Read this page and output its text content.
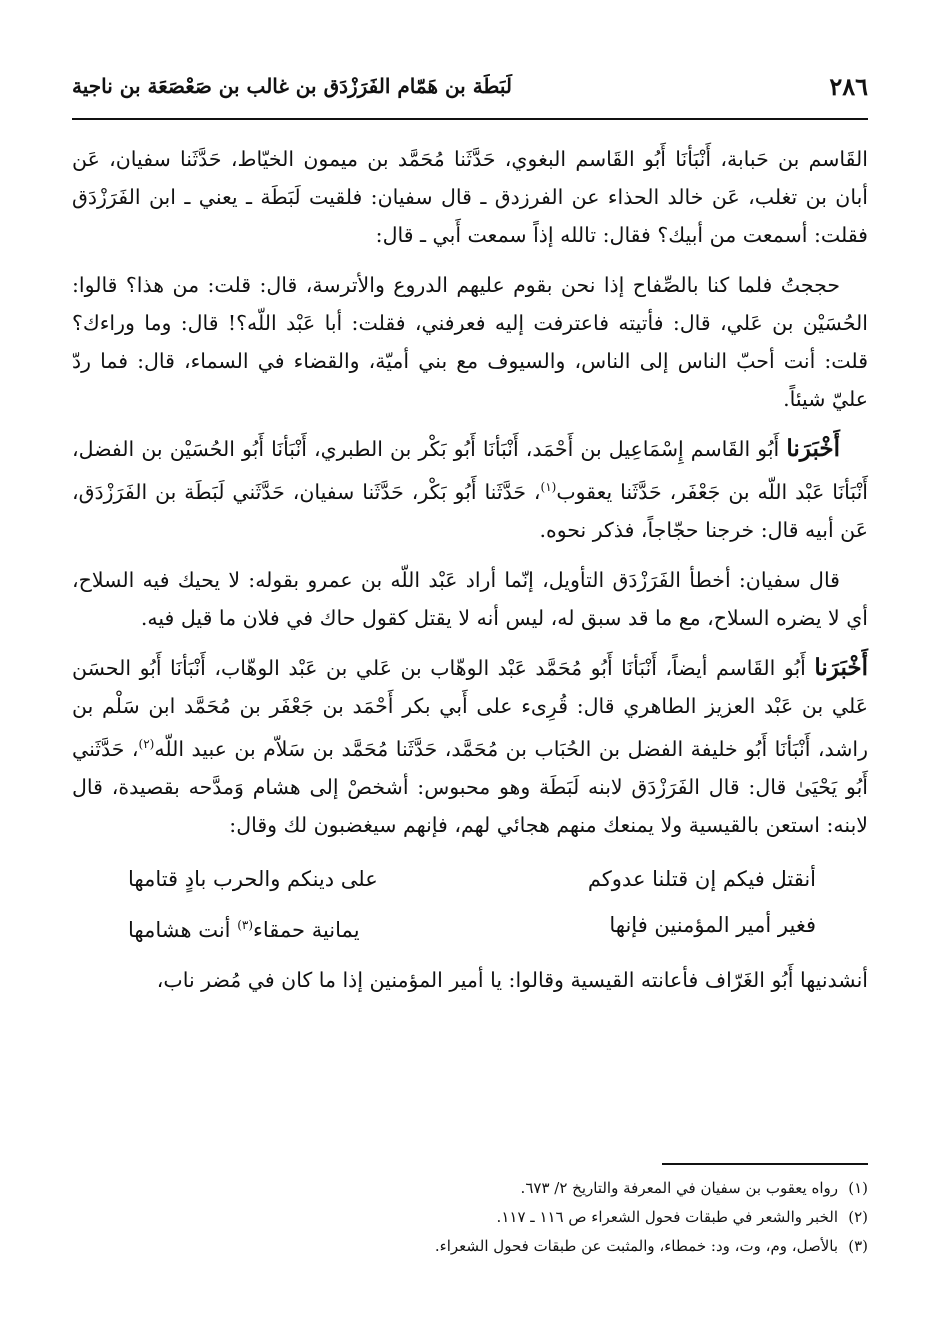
٢٨٦
لَبَطَة بن هَمّام الفَرَزْدَق بن غالب بن صَعْصَعَة بن ناجية

القَاسم بن حَبابة، أَنْبَأنَا أَبُو القَاسم البغوي، حَدَّثَنا مُحَمَّد بن ميمون الخيّاط، حَدَّثَنا سفيان، عَن أبان بن تغلب، عَن خالد الحذاء عن الفرزدق ـ قال سفيان: فلقيت لَبَطَة ـ يعني ـ ابن الفَرَزْدَق فقلت: أسمعت من أبيك؟ فقال: تالله إذاً سمعت أَبي ـ قال:

حججتُ فلما كنا بالصِّفاح إذا نحن بقوم عليهم الدروع والأترسة، قال: قلت: من هذا؟ قالوا: الحُسَيْن بن عَلي، قال: فأتيته فاعترفت إليه فعرفني، فقلت: أبا عَبْد اللّه؟! قال: وما وراءك؟ قلت: أنت أحبّ الناس إلى الناس، والسيوف مع بني أميّة، والقضاء في السماء، قال: فما ردّ عليّ شيئاً.

أَخْبَرَنا أَبُو القَاسم إِسْمَاعِيل بن أَحْمَد، أَنْبَأنَا أَبُو بَكْر بن الطبري، أَنْبَأنَا أَبُو الحُسَيْن بن الفضل، أَنْبَأنَا عَبْد اللّه بن جَعْفَر، حَدَّثَنا يعقوب$^{(١)}$، حَدَّثَنا أَبُو بَكْر، حَدَّثَنا سفيان، حَدَّثَني لَبَطَة بن الفَرَزْدَق، عَن أبيه قال: خرجنا حجّاجاً، فذكر نحوه.

قال سفيان: أخطأ الفَرَزْدَق التأويل، إنّما أراد عَبْد اللّه بن عمرو بقوله: لا يحيك فيه السلاح، أي لا يضره السلاح، مع ما قد سبق له، ليس أنه لا يقتل كقول حاك في فلان ما قيل فيه.

أَخْبَرَنا أَبُو القَاسم أيضاً، أَنْبَأنَا أَبُو مُحَمَّد عَبْد الوهّاب بن عَلي بن عَبْد الوهّاب، أَنْبَأنَا أَبُو الحسَن عَلي بن عَبْد العزيز الطاهري قال: قُرِىء على أَبي بكر أَحْمَد بن جَعْفَر بن مُحَمَّد ابن سَلْم بن راشد، أَنْبَأنَا أَبُو خليفة الفضل بن الحُبَاب بن مُحَمَّد، حَدَّثَنا مُحَمَّد بن سَلاّم بن عبيد اللّه$^{(٢)}$، حَدَّثَني أَبُو يَحْيَىٰ قال: قال الفَرَزْدَق لابنه لَبَطَة وهو محبوس: أشخصْ إلى هشام وَمدَّحه بقصيدة، قال لابنه: استعن بالقيسية ولا يمنعك منهم هجائي لهم، فإنهم سيغضبون لك وقال:

أنقتل فيكم إن قتلنا عدوكم
على دينكم والحرب بادٍ قتامها
فغير أمير المؤمنين فإنها
يمانية حمقاء$^{(٣)}$ أنت هشامها

أنشدنيها أَبُو الغَرّاف فأعانته القيسية وقالوا: يا أمير المؤمنين إذا ما كان في مُضر ناب،

(١)
رواه يعقوب بن سفيان في المعرفة والتاريخ ٢/ ٦٧٣.
(٢)
الخبر والشعر في طبقات فحول الشعراء ص ١١٦ ـ ١١٧.
(٣)
بالأصل، وم، وت، ود: خمطاء، والمثبت عن طبقات فحول الشعراء.
